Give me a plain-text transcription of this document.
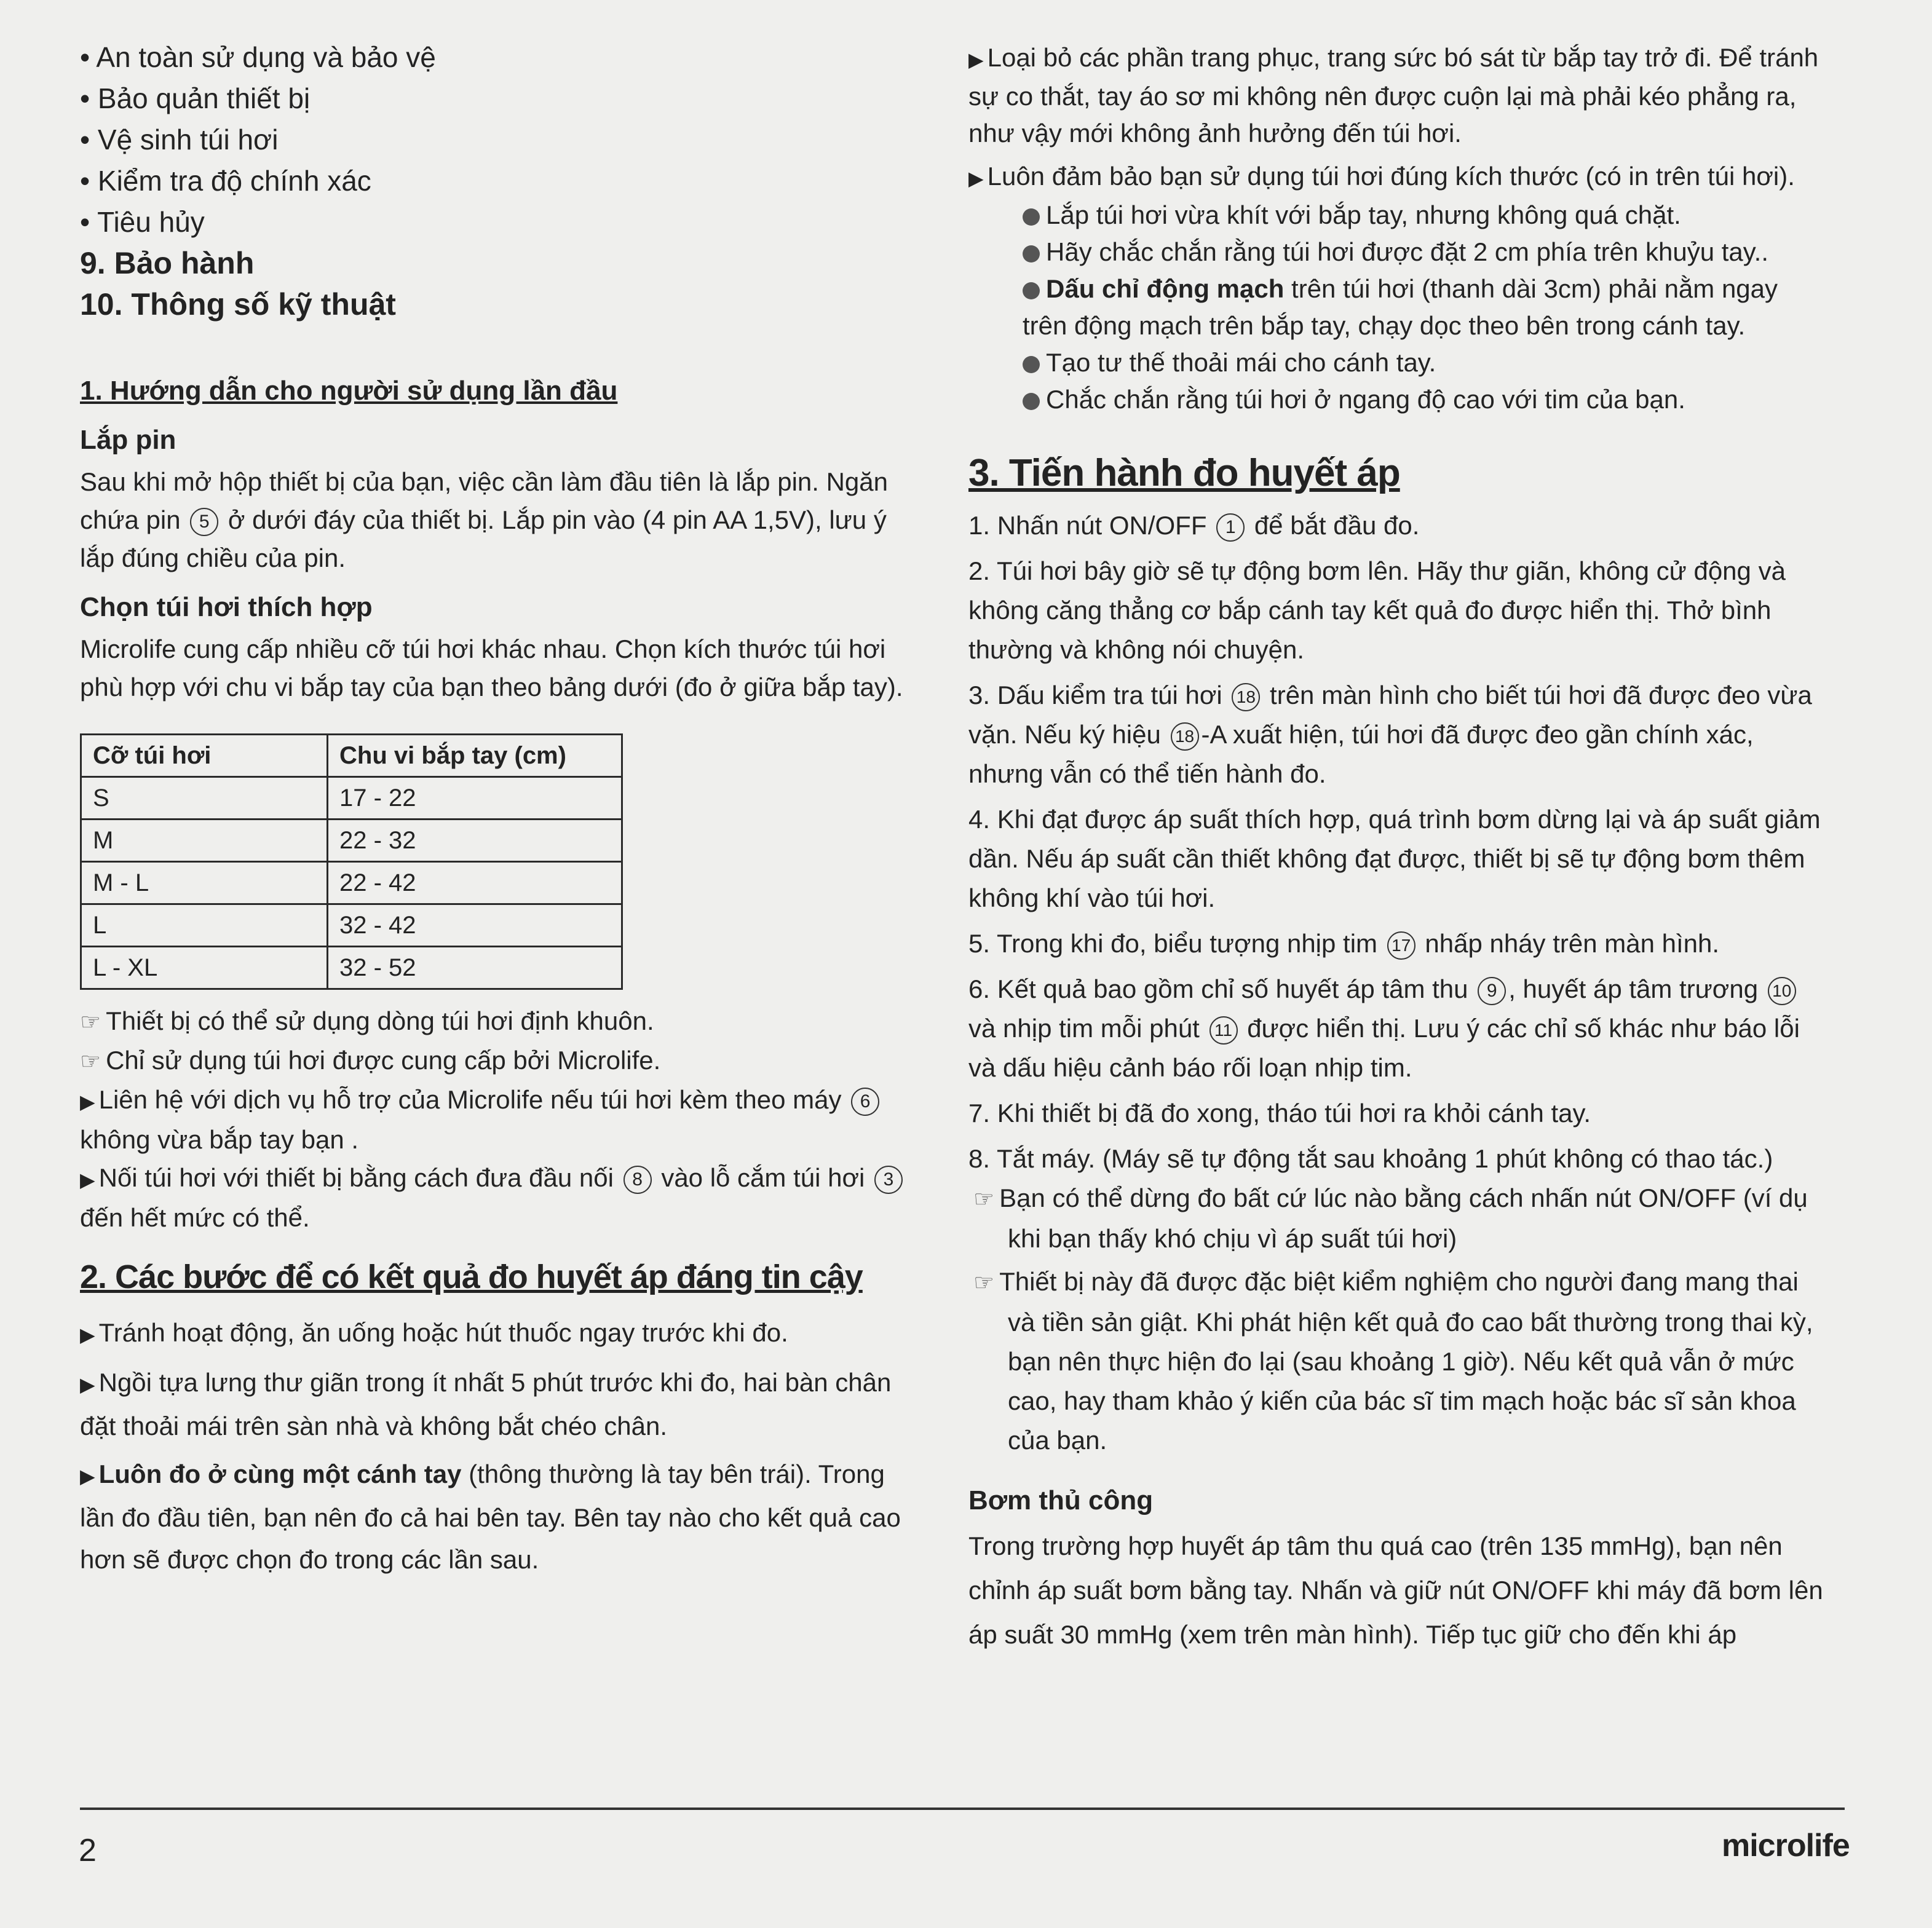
• An toàn sử dụng và bảo vệ

• Bảo quản thiết bị

• Vệ sinh túi hơi

• Kiểm tra độ chính xác

• Tiêu hủy

9. Bảo hành

10. Thông số kỹ thuật

1. Hướng dẫn cho người sử dụng lần đầu

Lắp pin

Sau khi mở hộp thiết bị của bạn, việc cần làm đầu tiên là lắp pin. Ngăn chứa pin 5 ở dưới đáy của thiết bị. Lắp pin vào (4 pin AA 1,5V), lưu ý lắp đúng chiều của pin.

Chọn túi hơi thích hợp

Microlife cung cấp nhiều cỡ túi hơi khác nhau. Chọn kích thước túi hơi phù hợp với chu vi bắp tay của bạn theo bảng dưới (đo ở giữa bắp tay).

Cỡ túi hơi	Chu vi bắp tay (cm)
S	17 - 22
M	22 - 32
M - L	22 - 42
L	32 - 42
L - XL	32 - 52

☞ Thiết bị có thể sử dụng dòng túi hơi định khuôn.

☞ Chỉ sử dụng túi hơi được cung cấp bởi Microlife.

▶ Liên hệ với dịch vụ hỗ trợ của Microlife nếu túi hơi kèm theo máy 6 không vừa bắp tay bạn .

▶ Nối túi hơi với thiết bị bằng cách đưa đầu nối 8 vào lỗ cắm túi hơi 3 đến hết mức có thể.

2. Các bước để có kết quả đo huyết áp đáng tin cậy

▶ Tránh hoạt động, ăn uống hoặc hút thuốc ngay trước khi đo.

▶ Ngồi tựa lưng thư giãn trong ít nhất 5 phút trước khi đo, hai bàn chân đặt thoải mái trên sàn nhà và không bắt chéo chân.

▶ Luôn đo ở cùng một cánh tay (thông thường là tay bên trái). Trong lần đo đầu tiên, bạn nên đo cả hai bên tay. Bên tay nào cho kết quả cao hơn sẽ được chọn đo trong các lần sau.

▶ Loại bỏ các phần trang phục, trang sức bó sát từ bắp tay trở đi. Để tránh sự co thắt, tay áo sơ mi không nên được cuộn lại mà phải kéo phẳng ra, như vậy mới không ảnh hưởng đến túi hơi.

▶ Luôn đảm bảo bạn sử dụng túi hơi đúng kích thước (có in trên túi hơi).

Lắp túi hơi vừa khít với bắp tay, nhưng không quá chặt.

Hãy chắc chắn rằng túi hơi được đặt 2 cm phía trên khuỷu tay..

Dấu chỉ động mạch trên túi hơi (thanh dài 3cm) phải nằm ngay trên động mạch trên bắp tay, chạy dọc theo bên trong cánh tay.

Tạo tư thế thoải mái cho cánh tay.

Chắc chắn rằng túi hơi ở ngang độ cao với tim của bạn.

3. Tiến hành đo huyết áp

1. Nhấn nút ON/OFF 1 để bắt đầu đo.

2. Túi hơi bây giờ sẽ tự động bơm lên. Hãy thư giãn, không cử động và không căng thẳng cơ bắp cánh tay kết quả đo được hiển thị. Thở bình thường và không nói chuyện.

3. Dấu kiểm tra túi hơi 18 trên màn hình cho biết túi hơi đã được đeo vừa vặn. Nếu ký hiệu 18 -A xuất hiện, túi hơi đã được đeo gần chính xác, nhưng vẫn có thể tiến hành đo.

4. Khi đạt được áp suất thích hợp, quá trình bơm dừng lại và áp suất giảm dần. Nếu áp suất cần thiết không đạt được, thiết bị sẽ tự động bơm thêm không khí vào túi hơi.

5. Trong khi đo, biểu tượng nhịp tim 17 nhấp nháy trên màn hình.

6. Kết quả bao gồm chỉ số huyết áp tâm thu 9 , huyết áp tâm trương 10 và nhịp tim mỗi phút 11 được hiển thị. Lưu ý các chỉ số khác như báo lỗi và dấu hiệu cảnh báo rối loạn nhịp tim.

7. Khi thiết bị đã đo xong, tháo túi hơi ra khỏi cánh tay.

8. Tắt máy. (Máy sẽ tự động tắt sau khoảng 1 phút không có thao tác.)

☞ Bạn có thể dừng đo bất cứ lúc nào bằng cách nhấn nút ON/OFF (ví dụ khi bạn thấy khó chịu vì áp suất túi hơi)

☞ Thiết bị này đã được đặc biệt kiểm nghiệm cho người đang mang thai và tiền sản giật. Khi phát hiện kết quả đo cao bất thường trong thai kỳ, bạn nên thực hiện đo lại (sau khoảng 1 giờ). Nếu kết quả vẫn ở mức cao, hay tham khảo ý kiến của bác sĩ tim mạch hoặc bác sĩ sản khoa của bạn.

Bơm thủ công

Trong trường hợp huyết áp tâm thu quá cao (trên 135 mmHg), bạn nên chỉnh áp suất bơm bằng tay. Nhấn và giữ nút ON/OFF khi máy đã bơm lên áp suất 30 mmHg (xem trên màn hình). Tiếp tục giữ cho đến khi áp

2	microlife
